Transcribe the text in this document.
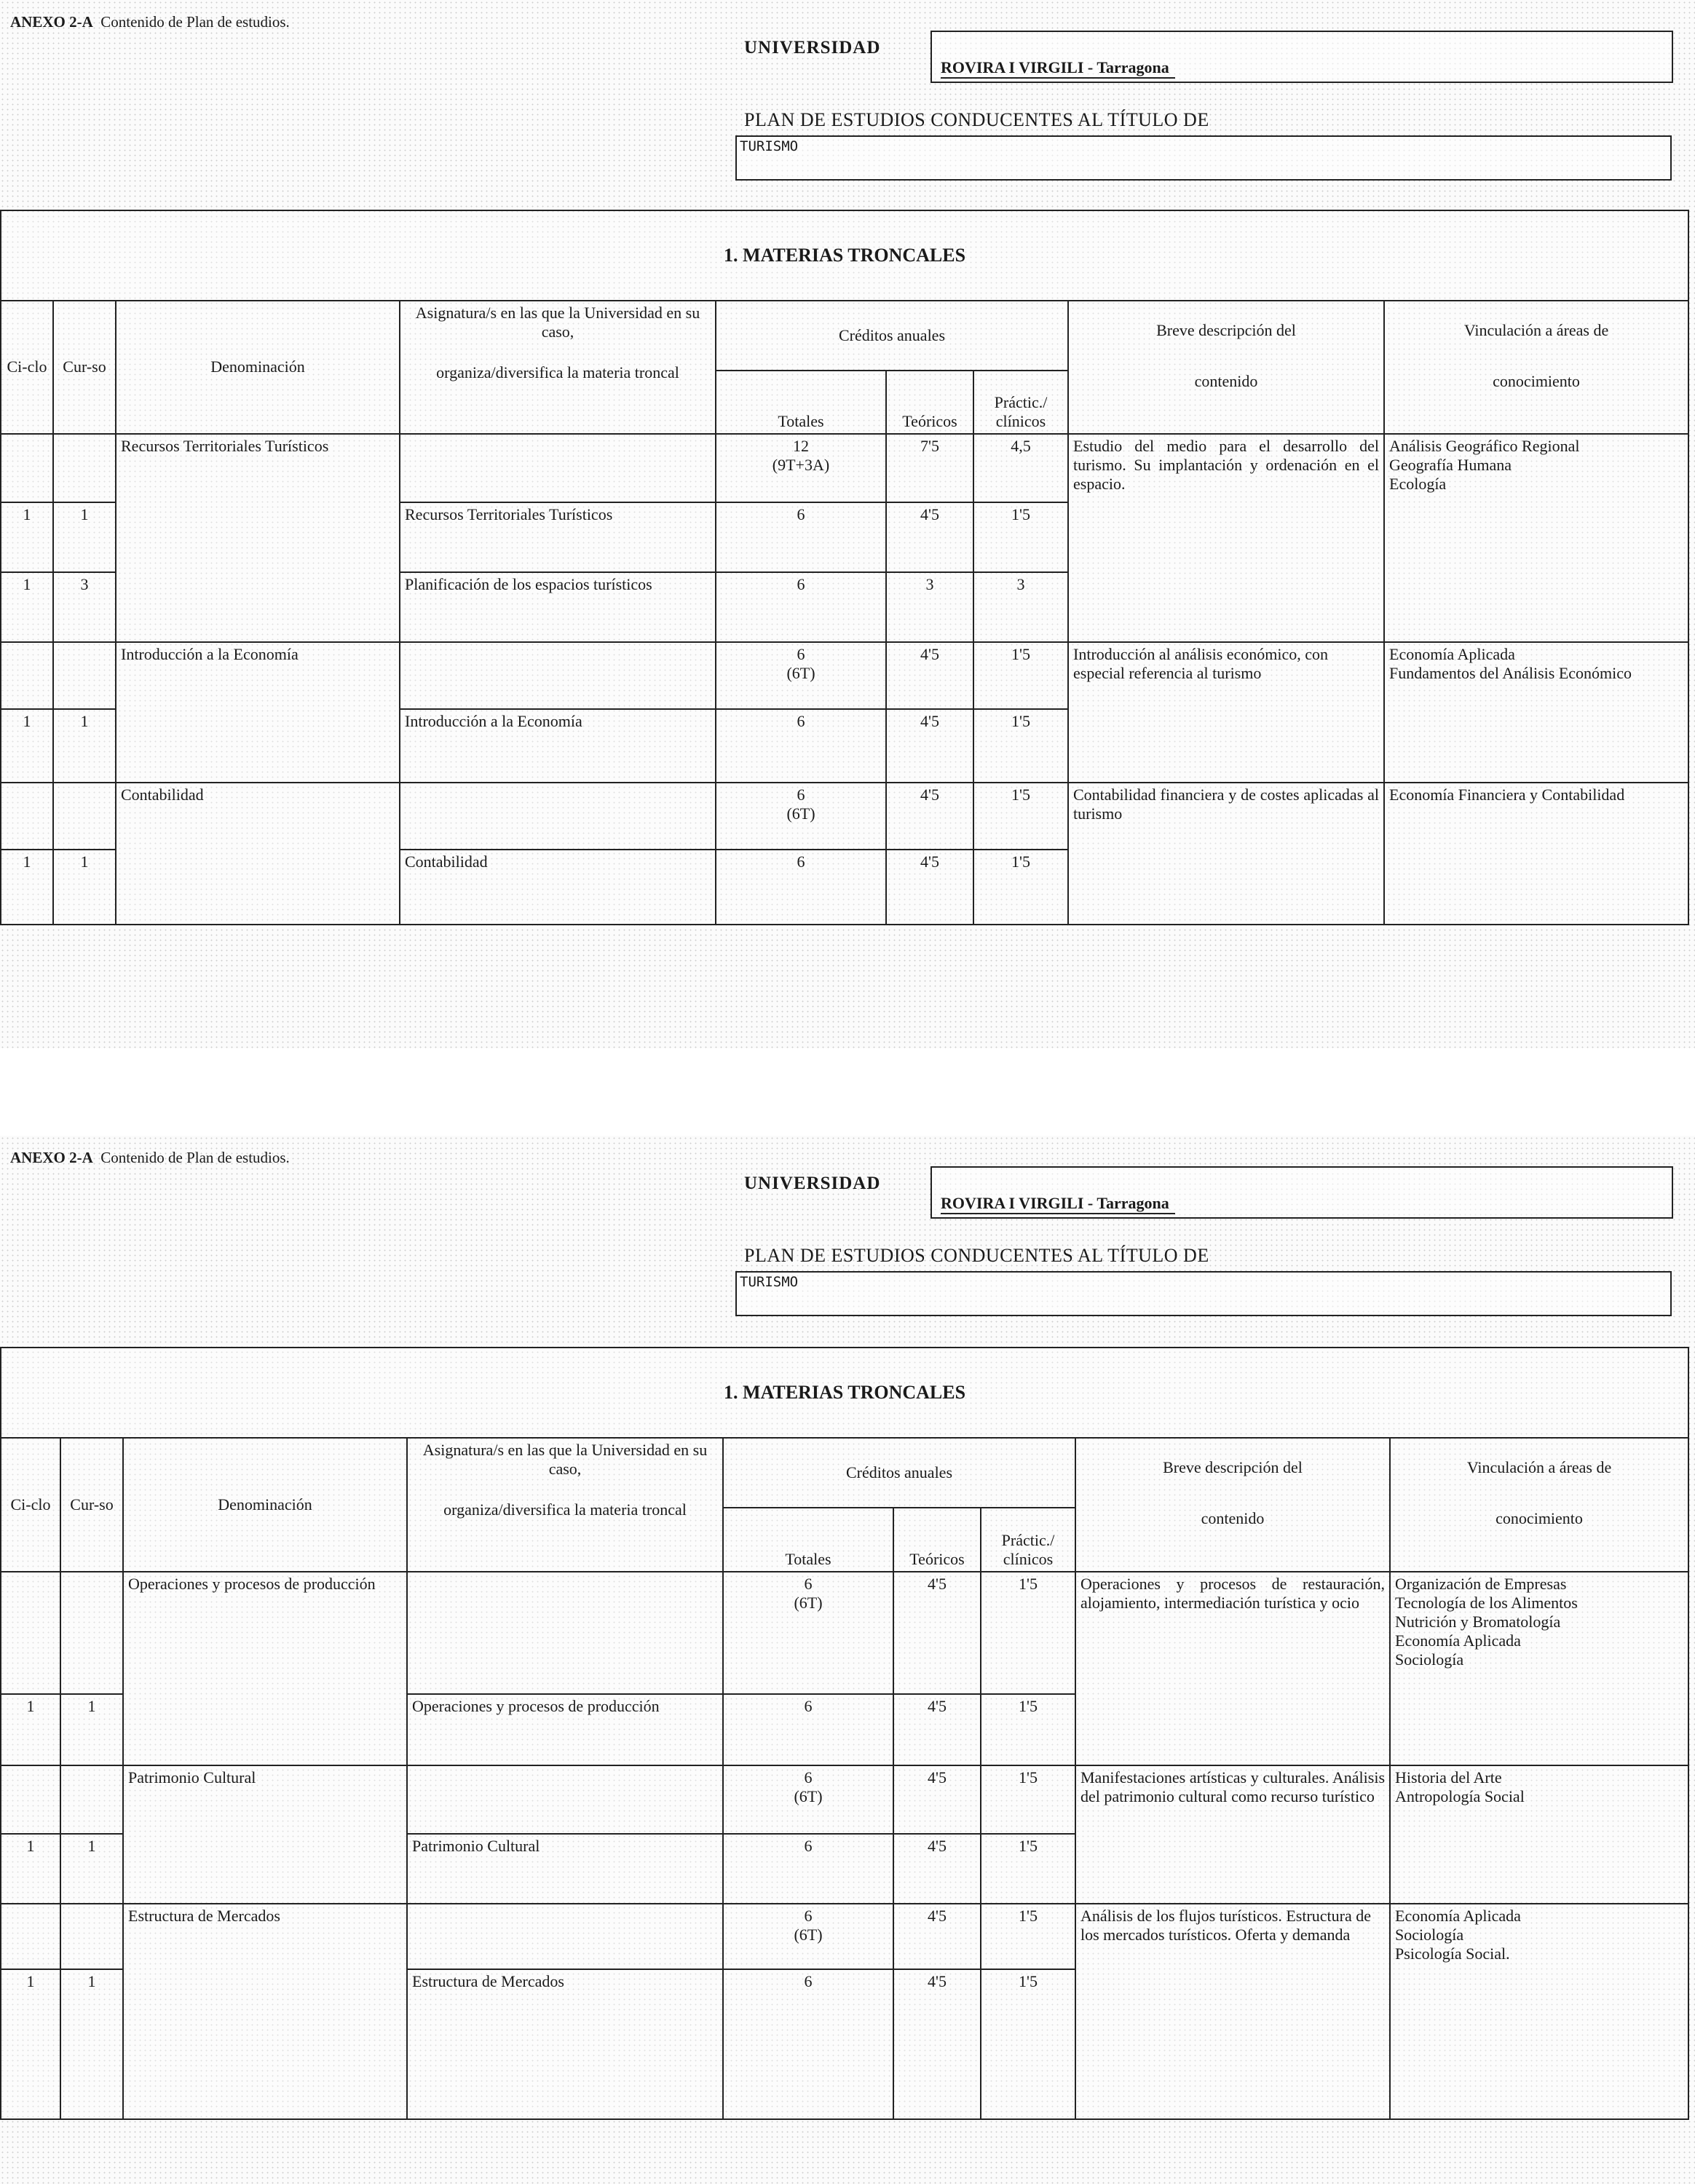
ANEXO 2-A Contenido de Plan de estudios.
UNIVERSIDAD
ROVIRA I VIRGILI - Tarragona
PLAN DE ESTUDIOS CONDUCENTES AL TÍTULO DE
TURISMO
1. MATERIAS TRONCALES								
Ci-clo	Cur-so	Denominación	Asignatura/s en las que la Universidad en su caso,
organiza/diversifica la materia troncal	Créditos anuales			Breve descripción del
contenido	Vinculación a áreas de
conocimiento

				Totales	Teóricos	Práctic./ clínicos		
		Recursos Territoriales Turísticos		12
(9T+3A)	7'5	4,5	Estudio del medio para el desarrollo del turismo. Su implantación y ordenación en el espacio.	Análisis Geográfico Regional
Geografía Humana
Ecología

1	1		Recursos Territoriales Turísticos	6	4'5	1'5		
1	3		Planificación de los espacios turísticos	6	3	3		
		Introducción a la Economía		6
(6T)	4'5	1'5	Introducción al análisis económico, con especial referencia al turismo	Economía Aplicada
Fundamentos del Análisis Económico

1	1		Introducción a la Economía	6	4'5	1'5		
		Contabilidad		6
(6T)	4'5	1'5	Contabilidad financiera y de costes aplicadas al turismo	Economía Financiera y Contabilidad

1	1		Contabilidad	6	4'5	1'5		
ANEXO 2-A Contenido de Plan de estudios.
UNIVERSIDAD
ROVIRA I VIRGILI - Tarragona
PLAN DE ESTUDIOS CONDUCENTES AL TÍTULO DE
TURISMO
1. MATERIAS TRONCALES								
Ci-clo	Cur-so	Denominación	Asignatura/s en las que la Universidad en su caso,
organiza/diversifica la materia troncal	Créditos anuales			Breve descripción del
contenido	Vinculación a áreas de
conocimiento

				Totales	Teóricos	Práctic./ clínicos		
		Operaciones y procesos de producción		6
(6T)	4'5	1'5	Operaciones y procesos de restauración, alojamiento, intermediación turística y ocio	Organización de Empresas
Tecnología de los Alimentos
Nutrición y Bromatología
Economía Aplicada
Sociología

1	1		Operaciones y procesos de producción	6	4'5	1'5		
		Patrimonio Cultural		6
(6T)	4'5	1'5	Manifestaciones artísticas y culturales. Análisis del patrimonio cultural como recurso turístico	Historia del Arte
Antropología Social

1	1		Patrimonio Cultural	6	4'5	1'5		
		Estructura de Mercados		6
(6T)	4'5	1'5	Análisis de los flujos turísticos. Estructura de los mercados turísticos. Oferta y demanda	Economía Aplicada
Sociología
Psicología Social.

1	1		Estructura de Mercados	6	4'5	1'5		
